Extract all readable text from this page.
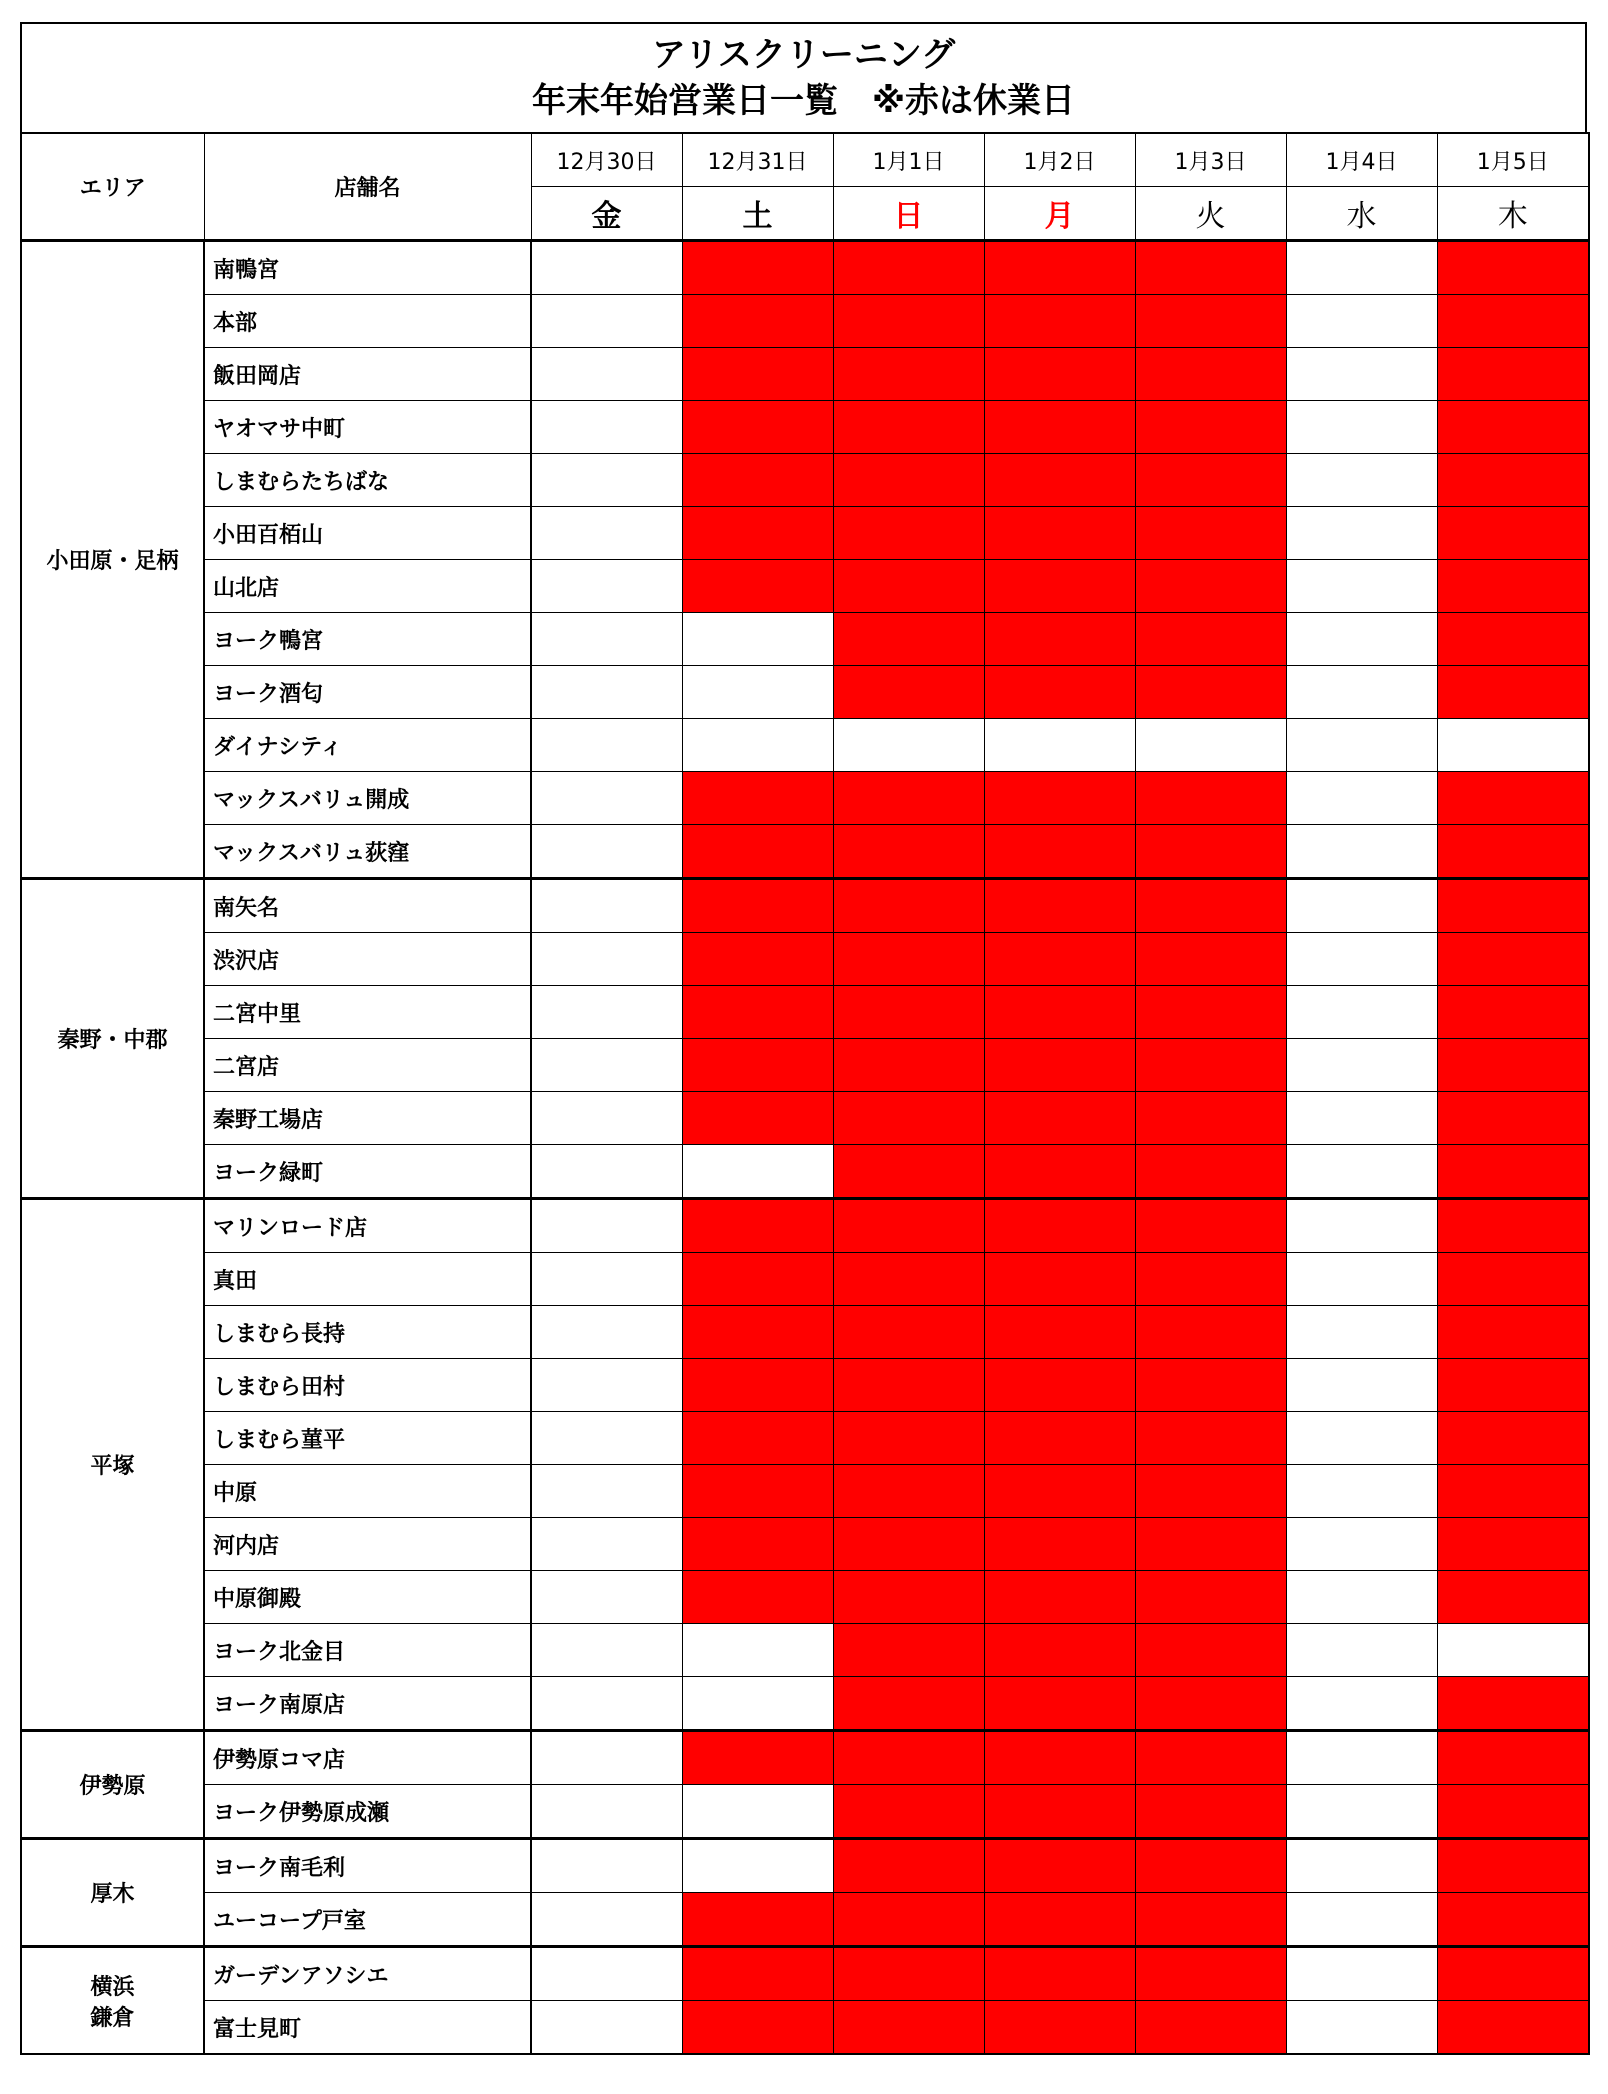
アリスクリーニング
年末年始営業日一覧　※赤は休業日
エリア	店舗名	12月30日	12月31日	1月1日	1月2日	1月3日	1月4日	1月5日
		金	土	日	月	火	水	木
小田原・足柄	南鴨宮							
	本部							
	飯田岡店							
	ヤオマサ中町							
	しまむらたちばな							
	小田百栢山							
	山北店							
	ヨーク鴨宮							
	ヨーク酒匂							
	ダイナシティ							
	マックスバリュ開成							
	マックスバリュ荻窪							
秦野・中郡	南矢名							
	渋沢店							
	二宮中里							
	二宮店							
	秦野工場店							
	ヨーク緑町							
平塚	マリンロード店							
	真田							
	しまむら長持							
	しまむら田村							
	しまむら菫平							
	中原							
	河内店							
	中原御殿							
	ヨーク北金目							
	ヨーク南原店							
伊勢原	伊勢原コマ店							
	ヨーク伊勢原成瀬							
厚木	ヨーク南毛利							
	ユーコープ戸室							
横浜
鎌倉	ガーデンアソシエ							
	富士見町							
